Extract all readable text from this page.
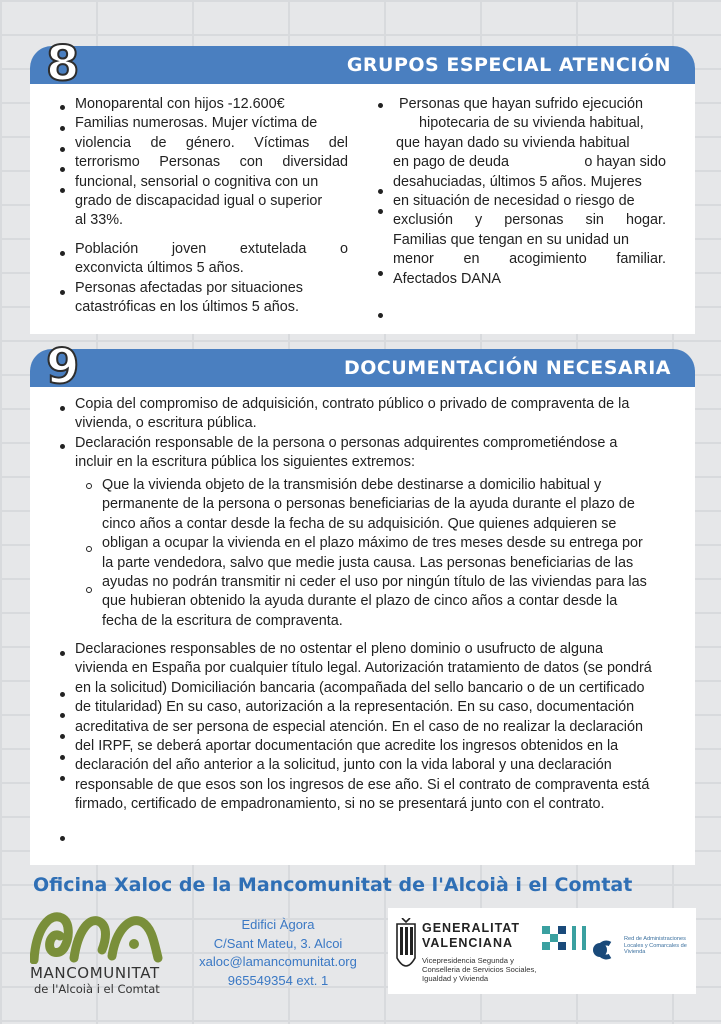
GRUPOS ESPECIAL ATENCIÓN
8

Monoparental con hijos -12.600€

Familias numerosas. Mujer víctima de

violencia de género. Víctimas del

terrorismo Personas con diversidad

funcional, sensorial o cognitiva con un

grado de discapacidad igual o superior

al 33%.

Población joven extutelada o

exconvicta últimos 5 años.

Personas afectadas por situaciones

catastróficas en los últimos 5 años.

Personas que hayan sufrido ejecución

hipotecaria de su vivienda habitual,

que hayan dado su vivienda habitual

en pago de deuda	o hayan sido

desahuciadas, últimos 5 años. Mujeres

en situación de necesidad o riesgo de

exclusión y personas sin hogar.

Familias que tengan en su unidad un

menor en acogimiento familiar.

Afectados DANA

DOCUMENTACIÓN NECESARIA
9

Copia del compromiso de adquisición, contrato público o privado de compraventa de la

vivienda, o escritura pública.

Declaración responsable de la persona o personas adquirentes comprometiéndose a

incluir en la escritura pública los siguientes extremos:

Que la vivienda objeto de la transmisión debe destinarse a domicilio habitual y

permanente de la persona o personas beneficiarias de la ayuda durante el plazo de

cinco años a contar desde la fecha de su adquisición. Que quienes adquieren se

obligan a ocupar la vivienda en el plazo máximo de tres meses desde su entrega por

la parte vendedora, salvo que medie justa causa. Las personas beneficiarias de las

ayudas no podrán transmitir ni ceder el uso por ningún título de las viviendas para las

que hubieran obtenido la ayuda durante el plazo de cinco años a contar desde la

fecha de la escritura de compraventa.

Declaraciones responsables de no ostentar el pleno dominio o usufructo de alguna

vivienda en España por cualquier título legal. Autorización tratamiento de datos (se pondrá

en la solicitud) Domiciliación bancaria (acompañada del sello bancario o de un certificado

de titularidad) En su caso, autorización a la representación. En su caso, documentación

acreditativa de ser persona de especial atención. En el caso de no realizar la declaración

del IRPF, se deberá aportar documentación que acredite los ingresos obtenidos en la

declaración del año anterior a la solicitud, junto con la vida laboral y una declaración

responsable de que esos son los ingresos de ese año. Si el contrato de compraventa está

firmado, certificado de empadronamiento, si no se presentará junto con el contrato.

Oficina Xaloc de la Mancomunitat de l'Alcoià i el Comtat
MANCOMUNITAT
de l'Alcoià i el Comtat
Edifici Àgora
C/Sant Mateu, 3. Alcoi
xaloc@lamancomunitat.org
965549354 ext. 1
GENERALITAT
VALENCIANA
Vicepresidencia Segunda y Conselleria de Servicios Sociales, Igualdad y Vivienda
Red de Administraciones Locales y Comarcales de Vivienda
